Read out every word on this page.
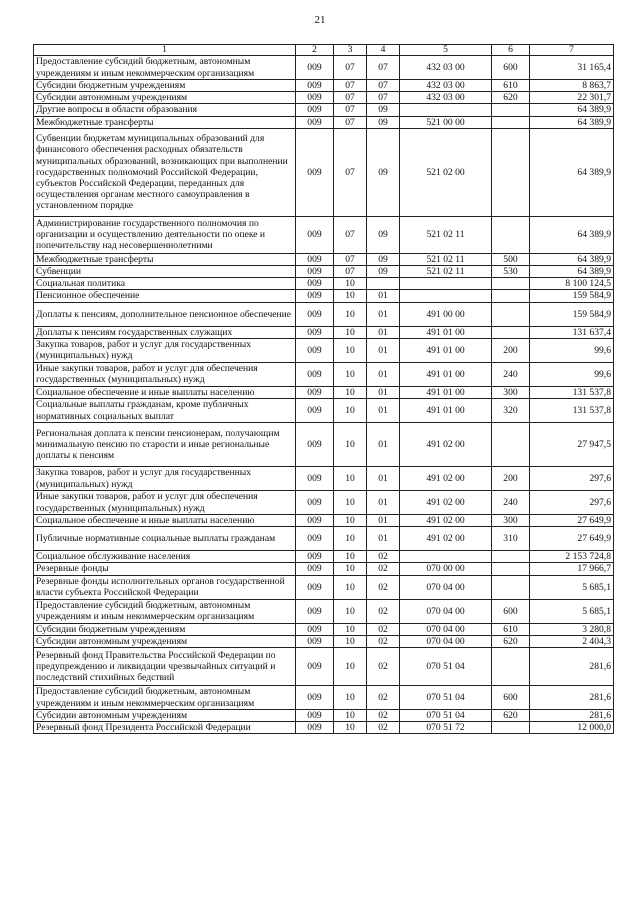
21
1	2	3	4	5	6	7
Предоставление субсидий бюджетным, автономным учреждениям и иным некоммерческим организациям	009	07	07	432 03 00	600	31 165,4
Субсидии бюджетным учреждениям	009	07	07	432 03 00	610	8 863,7
Субсидии автономным учреждениям	009	07	07	432 03 00	620	22 301,7
Другие вопросы в области образования	009	07	09			64 389,9
Межбюджетные трансферты	009	07	09	521 00 00		64 389,9
Субвенции бюджетам муниципальных образований для финансового обеспечения расходных обязательств муниципальных образований, возникающих при выполнении государственных полномочий Российской Федерации, субъектов Российской Федерации, переданных для осуществления органам местного самоуправления в установленном порядке	009	07	09	521 02 00		64 389,9
Администрирование государственного полномочия по организации и осуществлению деятельности по опеке и попечительству над несовершеннолетними	009	07	09	521 02 11		64 389,9
Межбюджетные трансферты	009	07	09	521 02 11	500	64 389,9
Субвенции	009	07	09	521 02 11	530	64 389,9
Социальная политика	009	10				8 100 124,5
Пенсионное обеспечение	009	10	01			159 584,9
Доплаты к пенсиям, дополнительное пенсионное обеспечение	009	10	01	491 00 00		159 584,9
Доплаты к пенсиям государственных служащих	009	10	01	491 01 00		131 637,4
Закупка товаров, работ и услуг для государственных (муниципальных) нужд	009	10	01	491 01 00	200	99,6
Иные закупки товаров, работ и услуг для обеспечения государственных (муниципальных) нужд	009	10	01	491 01 00	240	99,6
Социальное обеспечение и иные выплаты населению	009	10	01	491 01 00	300	131 537,8
Социальные выплаты гражданам, кроме публичных нормативных социальных выплат	009	10	01	491 01 00	320	131 537,8
Региональная доплата к пенсии пенсионерам, получающим минимальную пенсию по старости и иные региональные доплаты к пенсиям	009	10	01	491 02 00		27 947,5
Закупка товаров, работ и услуг для государственных (муниципальных) нужд	009	10	01	491 02 00	200	297,6
Иные закупки товаров, работ и услуг для обеспечения государственных (муниципальных) нужд	009	10	01	491 02 00	240	297,6
Социальное обеспечение и иные выплаты населению	009	10	01	491 02 00	300	27 649,9
Публичные нормативные социальные выплаты гражданам	009	10	01	491 02 00	310	27 649,9
Социальное обслуживание населения	009	10	02			2 153 724,8
Резервные фонды	009	10	02	070 00 00		17 966,7
Резервные фонды исполнительных органов государственной власти субъекта Российской Федерации	009	10	02	070 04 00		5 685,1
Предоставление субсидий бюджетным, автономным учреждениям и иным некоммерческим организациям	009	10	02	070 04 00	600	5 685,1
Субсидии бюджетным учреждениям	009	10	02	070 04 00	610	3 280,8
Субсидии автономным учреждениям	009	10	02	070 04 00	620	2 404,3
Резервный фонд Правительства Российской Федерации по предупреждению и ликвидации чрезвычайных ситуаций и последствий стихийных бедствий	009	10	02	070 51 04		281,6
Предоставление субсидий бюджетным, автономным учреждениям и иным некоммерческим организациям	009	10	02	070 51 04	600	281,6
Субсидии автономным учреждениям	009	10	02	070 51 04	620	281,6
Резервный фонд Президента Российской Федерации	009	10	02	070 51 72		12 000,0
